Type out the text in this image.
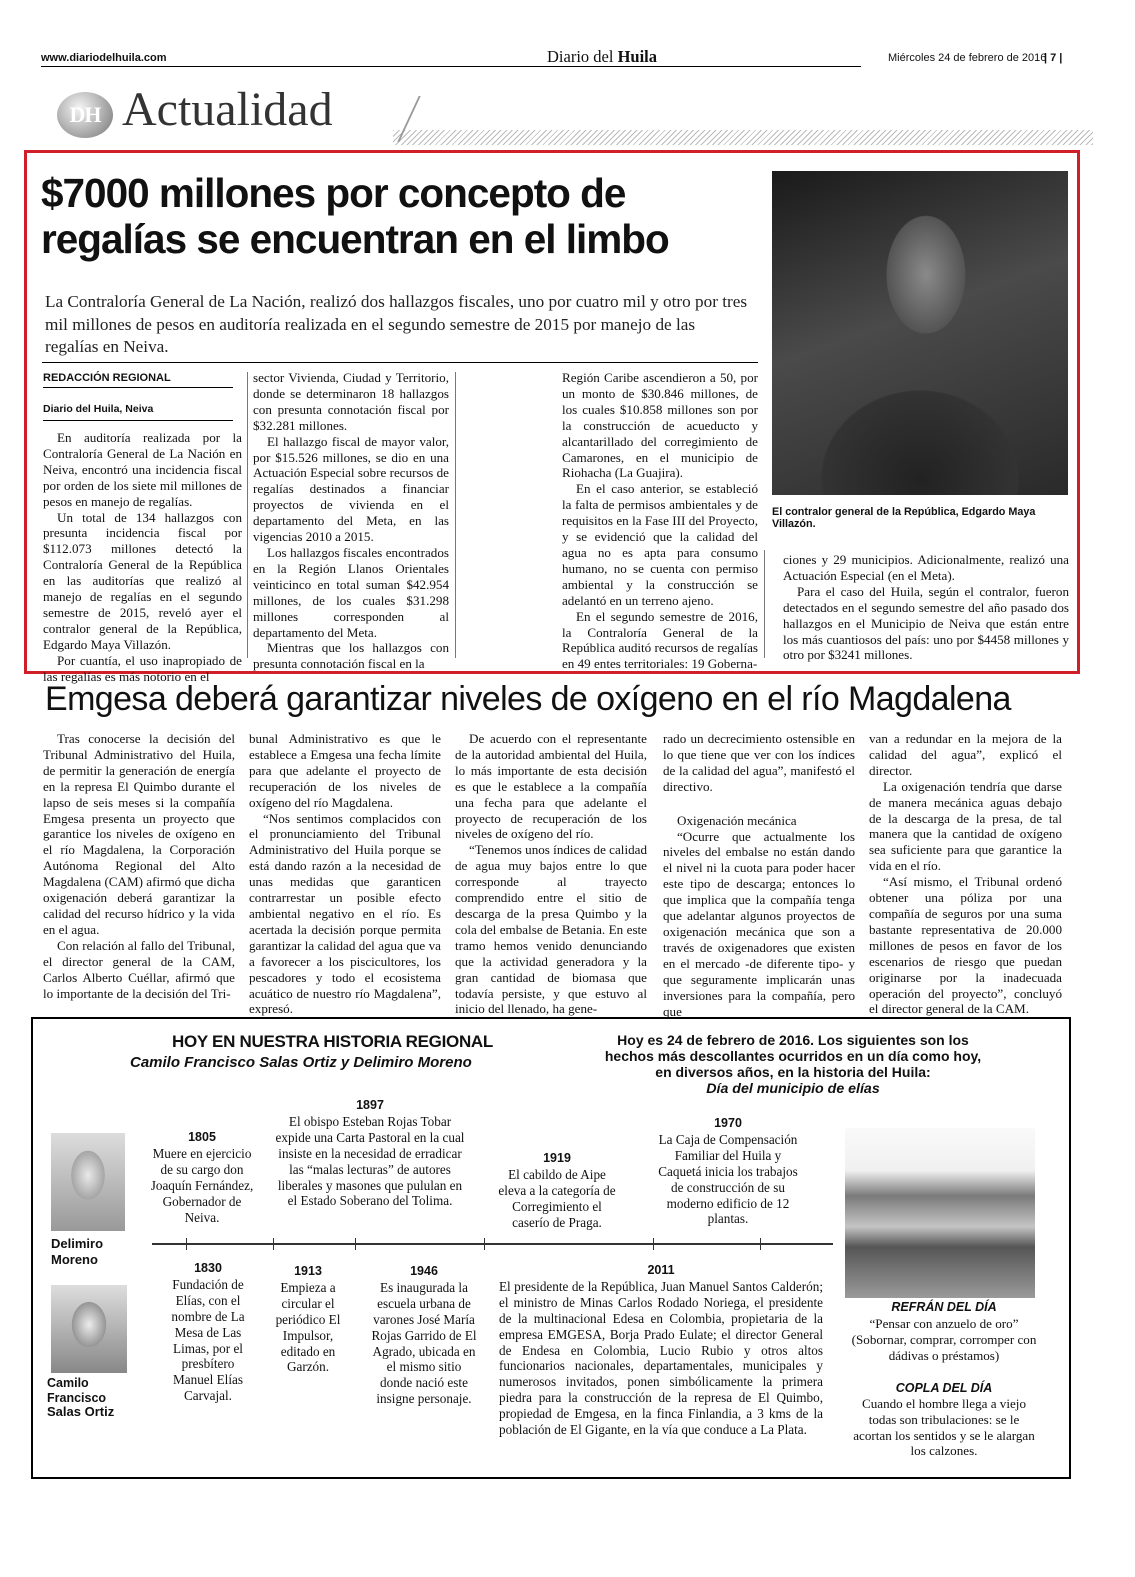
www.diariodelhuila.com	Diario del Huila	Miércoles 24 de febrero de 2016
| 7 |
DH Actualidad
$7000 millones por concepto de
regalías se encuentran en el limbo
La Contraloría General de La Nación, realizó dos hallazgos fiscales, uno por cuatro mil y otro por tres mil millones de pesos en auditoría realizada en el segundo semestre de 2015 por manejo de las regalías en Neiva.
El contralor general de la República, Edgardo Maya Villazón.
REDACCIÓN REGIONAL
Diario del Huila, Neiva

En auditoría realizada por la Contraloría General de La Nación en Neiva, encontró una incidencia fiscal por orden de los siete mil millones de pesos en manejo de regalías.

Un total de 134 hallazgos con presunta incidencia fiscal por $112.073 millones detectó la Contraloría General de la República en las auditorías que realizó al manejo de regalías en el segundo semestre de 2015, reveló ayer el contralor general de la República, Edgardo Maya Villazón.

Por cuantía, el uso inapropiado de las regalías es más notorio en el

sector Vivienda, Ciudad y Territorio, donde se determinaron 18 hallazgos con presunta connotación fiscal por $32.281 millones.

El hallazgo fiscal de mayor valor, por $15.526 millones, se dio en una Actuación Especial sobre recursos de regalías destinados a financiar proyectos de vivienda en el departamento del Meta, en las vigencias 2010 a 2015.

Los hallazgos fiscales encontrados en la Región Llanos Orientales veinticinco en total suman $42.954 millones, de los cuales $31.298 millones corresponden al departamento del Meta.

Mientras que los hallazgos con presunta connotación fiscal en la

Región Caribe ascendieron a 50, por un monto de $30.846 millones, de los cuales $10.858 millones son por la construcción de acueducto y alcantarillado del corregimiento de Camarones, en el municipio de Riohacha (La Guajira).

En el caso anterior, se estableció la falta de permisos ambientales y de requisitos en la Fase III del Proyecto, y se evidenció que la calidad del agua no es apta para consumo humano, no se cuenta con permiso ambiental y la construcción se adelantó en un terreno ajeno.

En el segundo semestre de 2016, la Contraloría General de la República auditó recursos de regalías en 49 entes territoriales: 19 Goberna-

ciones y 29 municipios. Adicionalmente, realizó una Actuación Especial (en el Meta).

Para el caso del Huila, según el contralor, fueron detectados en el segundo semestre del año pasado dos hallazgos en el Municipio de Neiva que están entre los más cuantiosos del país: uno por $4458 millones y otro por $3241 millones.

Emgesa deberá garantizar niveles de oxígeno en el río Magdalena

Tras conocerse la decisión del Tribunal Administrativo del Huila, de permitir la generación de energía en la represa El Quimbo durante el lapso de seis meses si la compañía Emgesa presenta un proyecto que garantice los niveles de oxígeno en el río Magdalena, la Corporación Autónoma Regional del Alto Magdalena (CAM) afirmó que dicha oxigenación deberá garantizar la calidad del recurso hídrico y la vida en el agua.

Con relación al fallo del Tribunal, el director general de la CAM, Carlos Alberto Cuéllar, afirmó que lo importante de la decisión del Tri-

bunal Administrativo es que le establece a Emgesa una fecha límite para que adelante el proyecto de recuperación de los niveles de oxígeno del río Magdalena.

“Nos sentimos complacidos con el pronunciamiento del Tribunal Administrativo del Huila porque se está dando razón a la necesidad de unas medidas que garanticen contrarrestar un posible efecto ambiental negativo en el río. Es acertada la decisión porque permita garantizar la calidad del agua que va a favorecer a los piscicultores, los pescadores y todo el ecosistema acuático de nuestro río Magdalena”, expresó.

De acuerdo con el representante de la autoridad ambiental del Huila, lo más importante de esta decisión es que le establece a la compañía una fecha para que adelante el proyecto de recuperación de los niveles de oxígeno del río.

“Tenemos unos índices de calidad de agua muy bajos entre lo que corresponde al trayecto comprendido entre el sitio de descarga de la presa Quimbo y la cola del embalse de Betania. En este tramo hemos venido denunciando que la actividad generadora y la gran cantidad de biomasa que todavía persiste, y que estuvo al inicio del llenado, ha gene-

rado un decrecimiento ostensible en lo que tiene que ver con los índices de la calidad del agua”, manifestó el directivo.

Oxigenación mecánica

“Ocurre que actualmente los niveles del embalse no están dando el nivel ni la cuota para poder hacer este tipo de descarga; entonces lo que implica que la compañía tenga que adelantar algunos proyectos de oxigenación mecánica que son a través de oxigenadores que existen en el mercado -de diferente tipo- y que seguramente implicarán unas inversiones para la compañía, pero que

van a redundar en la mejora de la calidad del agua”, explicó el director.

La oxigenación tendría que darse de manera mecánica aguas debajo de la descarga de la presa, de tal manera que la cantidad de oxígeno sea suficiente para que garantice la vida en el río.

“Así mismo, el Tribunal ordenó obtener una póliza por una compañía de seguros por una suma bastante representativa de 20.000 millones de pesos en favor de los escenarios de riesgo que puedan originarse por la inadecuada operación del proyecto”, concluyó el director general de la CAM.

HOY EN NUESTRA HISTORIA REGIONAL
Camilo Francisco Salas Ortiz y Delimiro Moreno
Hoy es 24 de febrero de 2016. Los siguientes son los hechos más descollantes ocurridos en un día como hoy, en diversos años, en la historia del Huila:
Día del municipio de elías
Delimiro Moreno
Camilo
Francisco
Salas Ortiz
1805
Muere en ejercicio de su cargo don Joaquín Fernández, Gobernador de Neiva.
1897
El obispo Esteban Rojas Tobar expide una Carta Pastoral en la cual insiste en la necesidad de erradicar las “malas lecturas” de autores liberales y masones que pululan en el Estado Soberano del Tolima.
1919
El cabildo de Aipe eleva a la categoría de Corregimiento el caserío de Praga.
1970
La Caja de Compensación Familiar del Huila y Caquetá inicia los trabajos de construcción de su moderno edificio de 12 plantas.
1830
Fundación de Elías, con el nombre de La Mesa de Las Limas, por el presbítero Manuel Elías Carvajal.
1913
Empieza a circular el periódico El Impulsor, editado en Garzón.
1946
Es inaugurada la escuela urbana de varones José María Rojas Garrido de El Agrado, ubicada en el mismo sitio donde nació este insigne personaje.
2011
El presidente de la República, Juan Manuel Santos Calderón; el ministro de Minas Carlos Rodado Noriega, el presidente de la multinacional Edesa en Colombia, propietaria de la empresa EMGESA, Borja Prado Eulate; el director General de Endesa en Colombia, Lucio Rubio y otros altos funcionarios nacionales, departamentales, municipales y numerosos invitados, ponen simbólicamente la primera piedra para la construcción de la represa de El Quimbo, propiedad de Emgesa, en la finca Finlandia, a 3 kms de la población de El Gigante, en la vía que conduce a La Plata.
REFRÁN DEL DÍA
“Pensar con anzuelo de oro” (Sobornar, comprar, corromper con dádivas o préstamos)
COPLA DEL DÍA
Cuando el hombre llega a viejo todas son tribulaciones: se le acortan los sentidos y se le alargan los calzones.
